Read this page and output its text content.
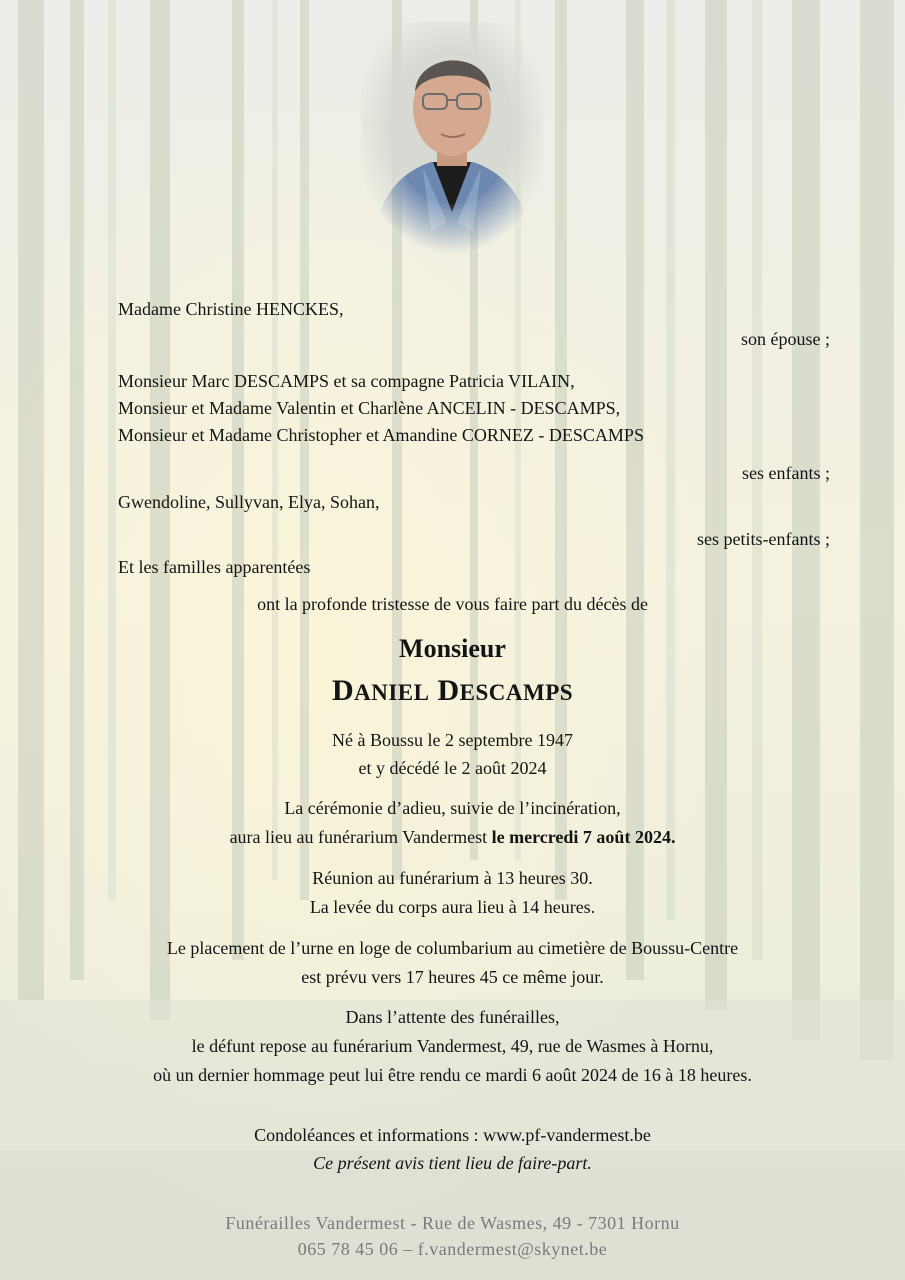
Madame Christine HENCKES,
son épouse ;
Monsieur Marc DESCAMPS et sa compagne Patricia VILAIN,
Monsieur et Madame Valentin et Charlène ANCELIN - DESCAMPS,
Monsieur et Madame Christopher et Amandine CORNEZ - DESCAMPS
ses enfants ;
Gwendoline, Sullyvan, Elya, Sohan,
ses petits-enfants ;
Et les familles apparentées
ont la profonde tristesse de vous faire part du décès de
Monsieur
DANIEL DESCAMPS
Né à Boussu le 2 septembre 1947
et y décédé le 2 août 2024
La cérémonie d’adieu, suivie de l’incinération,
aura lieu au funérarium Vandermest le mercredi 7 août 2024.
Réunion au funérarium à 13 heures 30.
La levée du corps aura lieu à 14 heures.
Le placement de l’urne en loge de columbarium au cimetière de Boussu-Centre
est prévu vers 17 heures 45 ce même jour.
Dans l’attente des funérailles,
le défunt repose au funérarium Vandermest, 49, rue de Wasmes à Hornu,
où un dernier hommage peut lui être rendu ce mardi 6 août 2024 de 16 à 18 heures.
Condoléances et informations : www.pf-vandermest.be
Ce présent avis tient lieu de faire-part.
Funérailles Vandermest - Rue de Wasmes, 49 - 7301 Hornu
065 78 45 06 – f.vandermest@skynet.be
